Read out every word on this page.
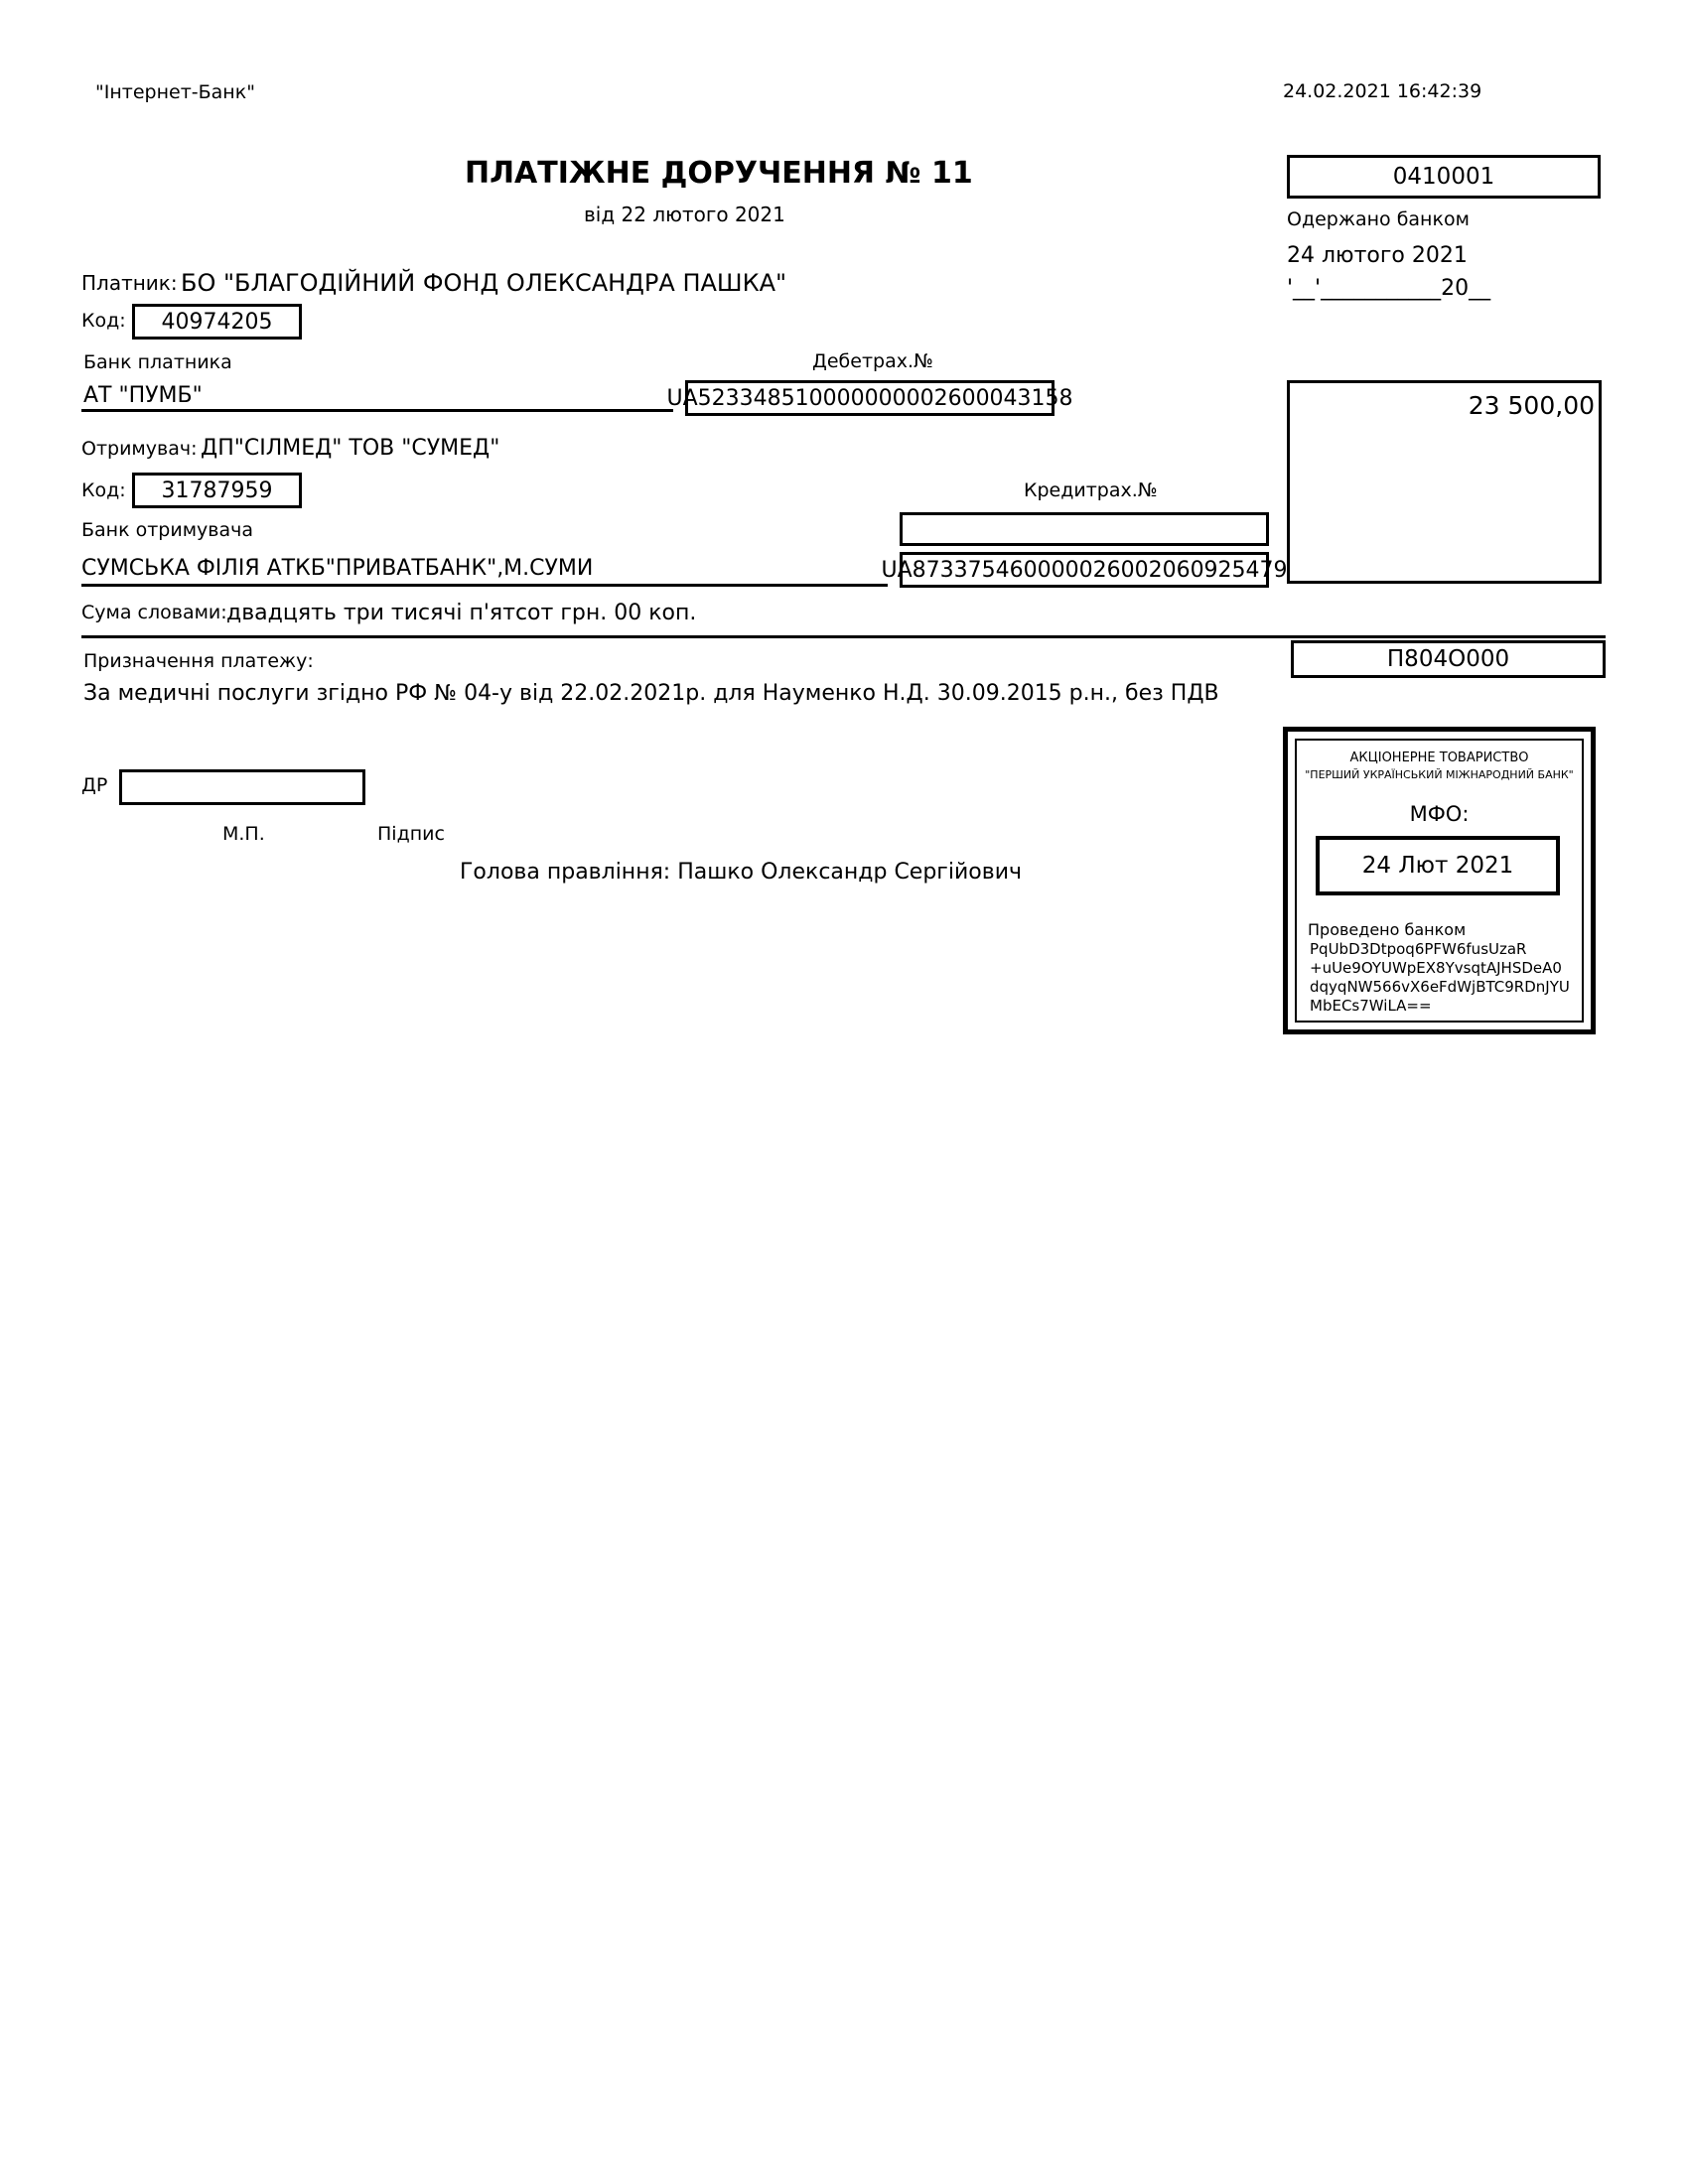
"Інтернет-Банк"	24.02.2021 16:42:39
ПЛАТІЖНЕ ДОРУЧЕННЯ № 11
від 22 лютого 2021
0410001
Одержано банком
24 лютого 2021
'__'___________20__
Платник: БО "БЛАГОДІЙНИЙ ФОНД ОЛЕКСАНДРА ПАШКА"
Код: 40974205
Банк платника	Дебетрах.№
АТ "ПУМБ"	UA523348510000000002600043158	23 500,00
Отримувач: ДП"СІЛМЕД" ТОВ "СУМЕД"
Код: 31787959	Кредитрах.№
Банк отримувача
СУМСЬКА ФІЛІЯ АТКБ"ПРИВАТБАНК",М.СУМИ	UA873375460000026002060925479
Сума словами: двадцять три тисячі п'ятсот грн. 00 коп.
Призначення платежу:	П804О000
За медичні послуги згідно РФ № 04-у від 22.02.2021р. для Науменко Н.Д. 30.09.2015 р.н., без ПДВ
ДР
М.П.	Підпис
Голова правління: Пашко Олександр Сергійович
АКЦІОНЕРНЕ ТОВАРИСТВО
"ПЕРШИЙ УКРАЇНСЬКИЙ МІЖНАРОДНИЙ БАНК"
МФО:
24 Лют 2021
Проведено банком
PqUbD3Dtpoq6PFW6fusUzaR
+uUe9OYUWpEX8YvsqtAJHSDeA0
dqyqNW566vX6eFdWjBTC9RDnJYU
MbECs7WiLA==
